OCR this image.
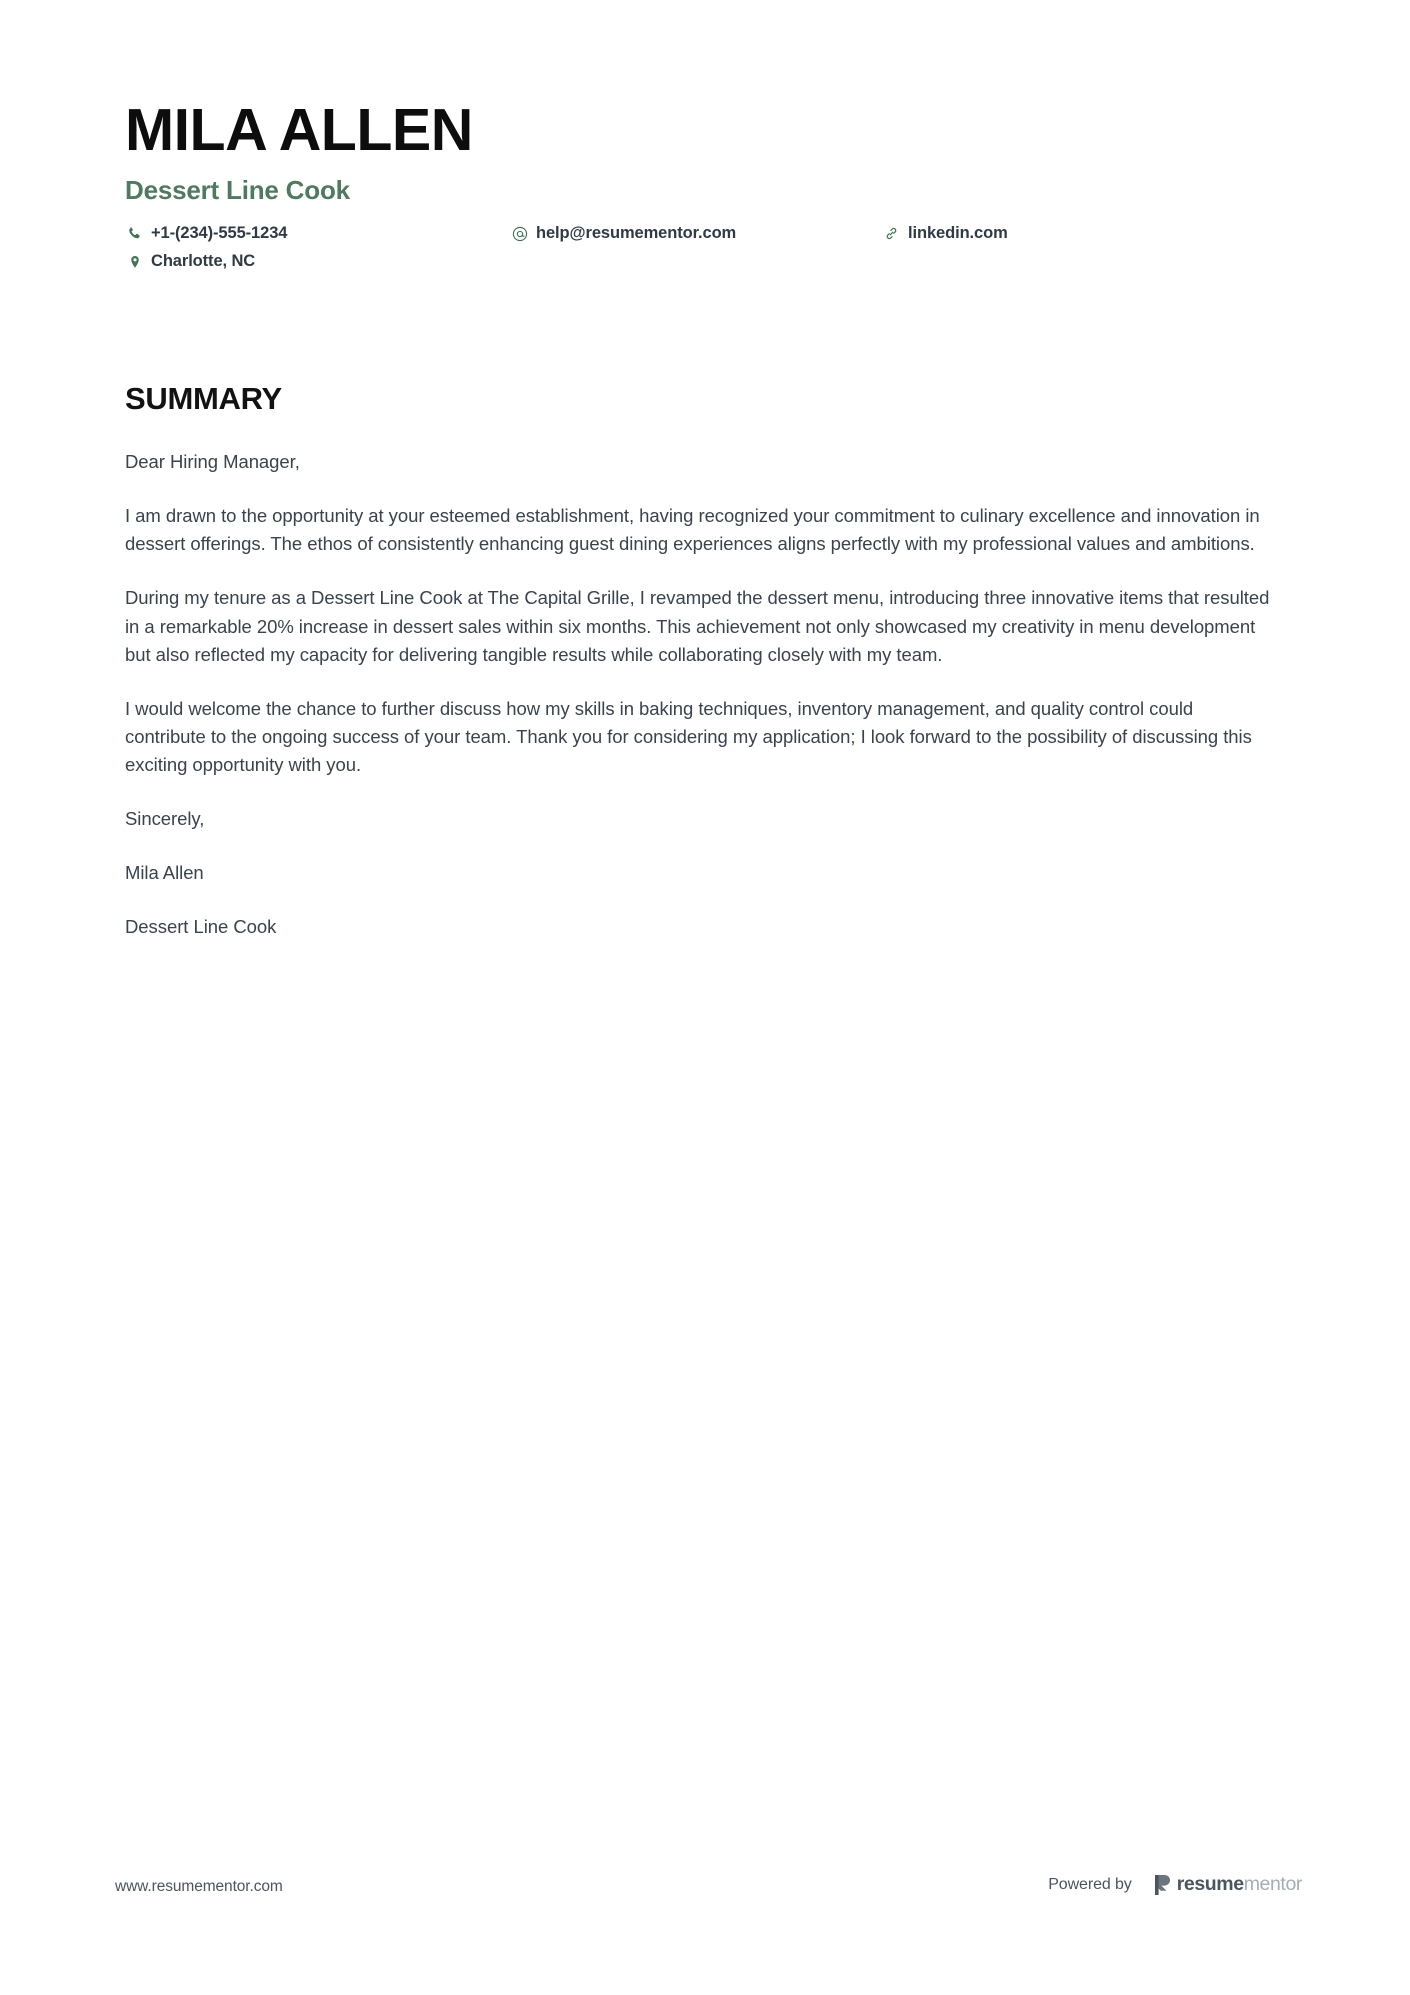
MILA ALLEN
Dessert Line Cook
+1-(234)-555-1234	help@resumementor.com	linkedin.com
Charlotte, NC
SUMMARY

Dear Hiring Manager,

I am drawn to the opportunity at your esteemed establishment, having recognized your commitment to culinary excellence and innovation in dessert offerings. The ethos of consistently enhancing guest dining experiences aligns perfectly with my professional values and ambitions.

During my tenure as a Dessert Line Cook at The Capital Grille, I revamped the dessert menu, introducing three innovative items that resulted in a remarkable 20% increase in dessert sales within six months. This achievement not only showcased my creativity in menu development but also reflected my capacity for delivering tangible results while collaborating closely with my team.

I would welcome the chance to further discuss how my skills in baking techniques, inventory management, and quality control could contribute to the ongoing success of your team. Thank you for considering my application; I look forward to the possibility of discussing this exciting opportunity with you.

Sincerely,

Mila Allen

Dessert Line Cook

www.resumementor.com	Powered by resumementor
